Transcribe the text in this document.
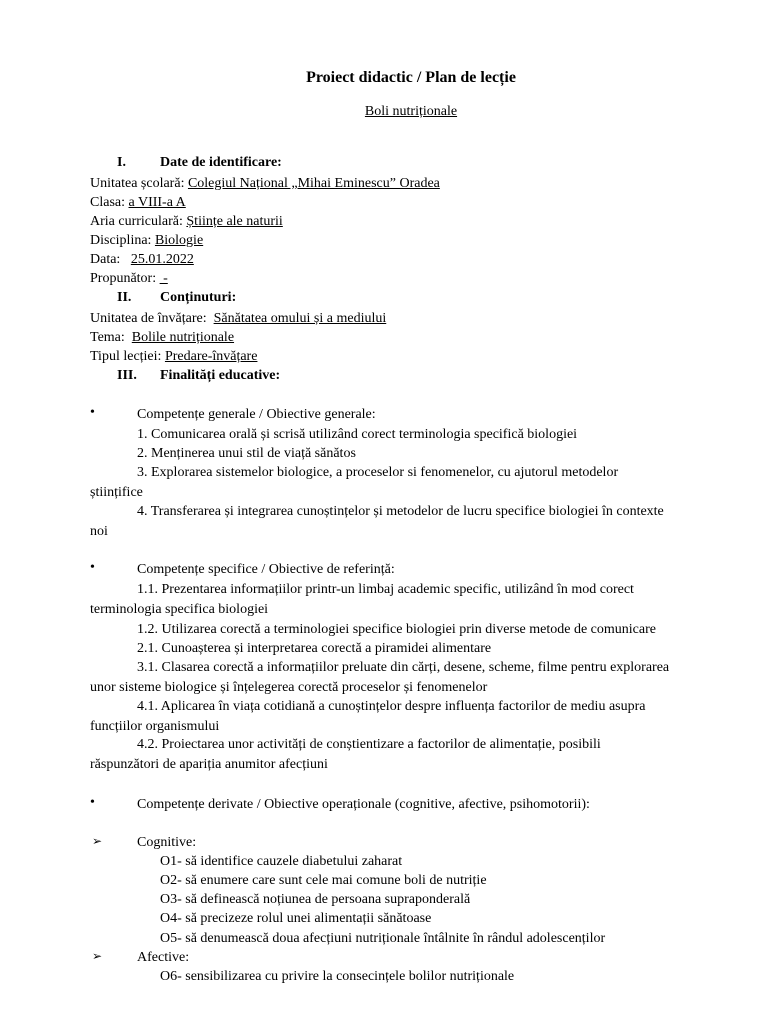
Proiect didactic / Plan de lecție
Boli nutriționale
I. Date de identificare:
Unitatea școlară: Colegiul Național „Mihai Eminescu” Oradea
Clasa: a VIII-a A
Aria curriculară: Științe ale naturii
Disciplina: Biologie
Data: 25.01.2022
Propunător:  -
II. Conținuturi:
Unitatea de învățare: Sănătatea omului și a mediului
Tema: Bolile nutriționale
Tipul lecției: Predare-învățare
III. Finalități educative:
•	Competențe generale / Obiective generale:
1. Comunicarea orală și scrisă utilizând corect terminologia specifică biologiei
2. Menținerea unui stil de viață sănătos
3. Explorarea sistemelor biologice, a proceselor si fenomenelor, cu ajutorul metodelor
științifice
4. Transferarea și integrarea cunoștințelor și metodelor de lucru specifice biologiei în contexte
noi
•	Competențe specifice / Obiective de referință:
1.1. Prezentarea informațiilor printr-un limbaj academic specific, utilizând în mod corect
terminologia specifica biologiei
1.2. Utilizarea corectă a terminologiei specifice biologiei prin diverse metode de comunicare
2.1. Cunoașterea și interpretarea corectă a piramidei alimentare
3.1. Clasarea corectă a informațiilor preluate din cărți, desene, scheme, filme pentru explorarea
unor sisteme biologice și înțelegerea corectă proceselor și fenomenelor
4.1. Aplicarea în viața cotidiană a cunoștințelor despre influența factorilor de mediu asupra
funcțiilor organismului
4.2. Proiectarea unor activități de conștientizare a factorilor de alimentație, posibili
răspunzători de apariția anumitor afecțiuni
•	Competențe derivate / Obiective operaționale (cognitive, afective, psihomotorii):
➢ Cognitive:
O1- să identifice cauzele diabetului zaharat
O2- să enumere care sunt cele mai comune boli de nutriție
O3- să definească noțiunea de persoana supraponderală
O4- să precizeze rolul unei alimentații sănătoase
O5- să denumească doua afecțiuni nutriționale întâlnite în rândul adolescenților
➢ Afective:
O6- sensibilizarea cu privire la consecințele bolilor nutriționale
